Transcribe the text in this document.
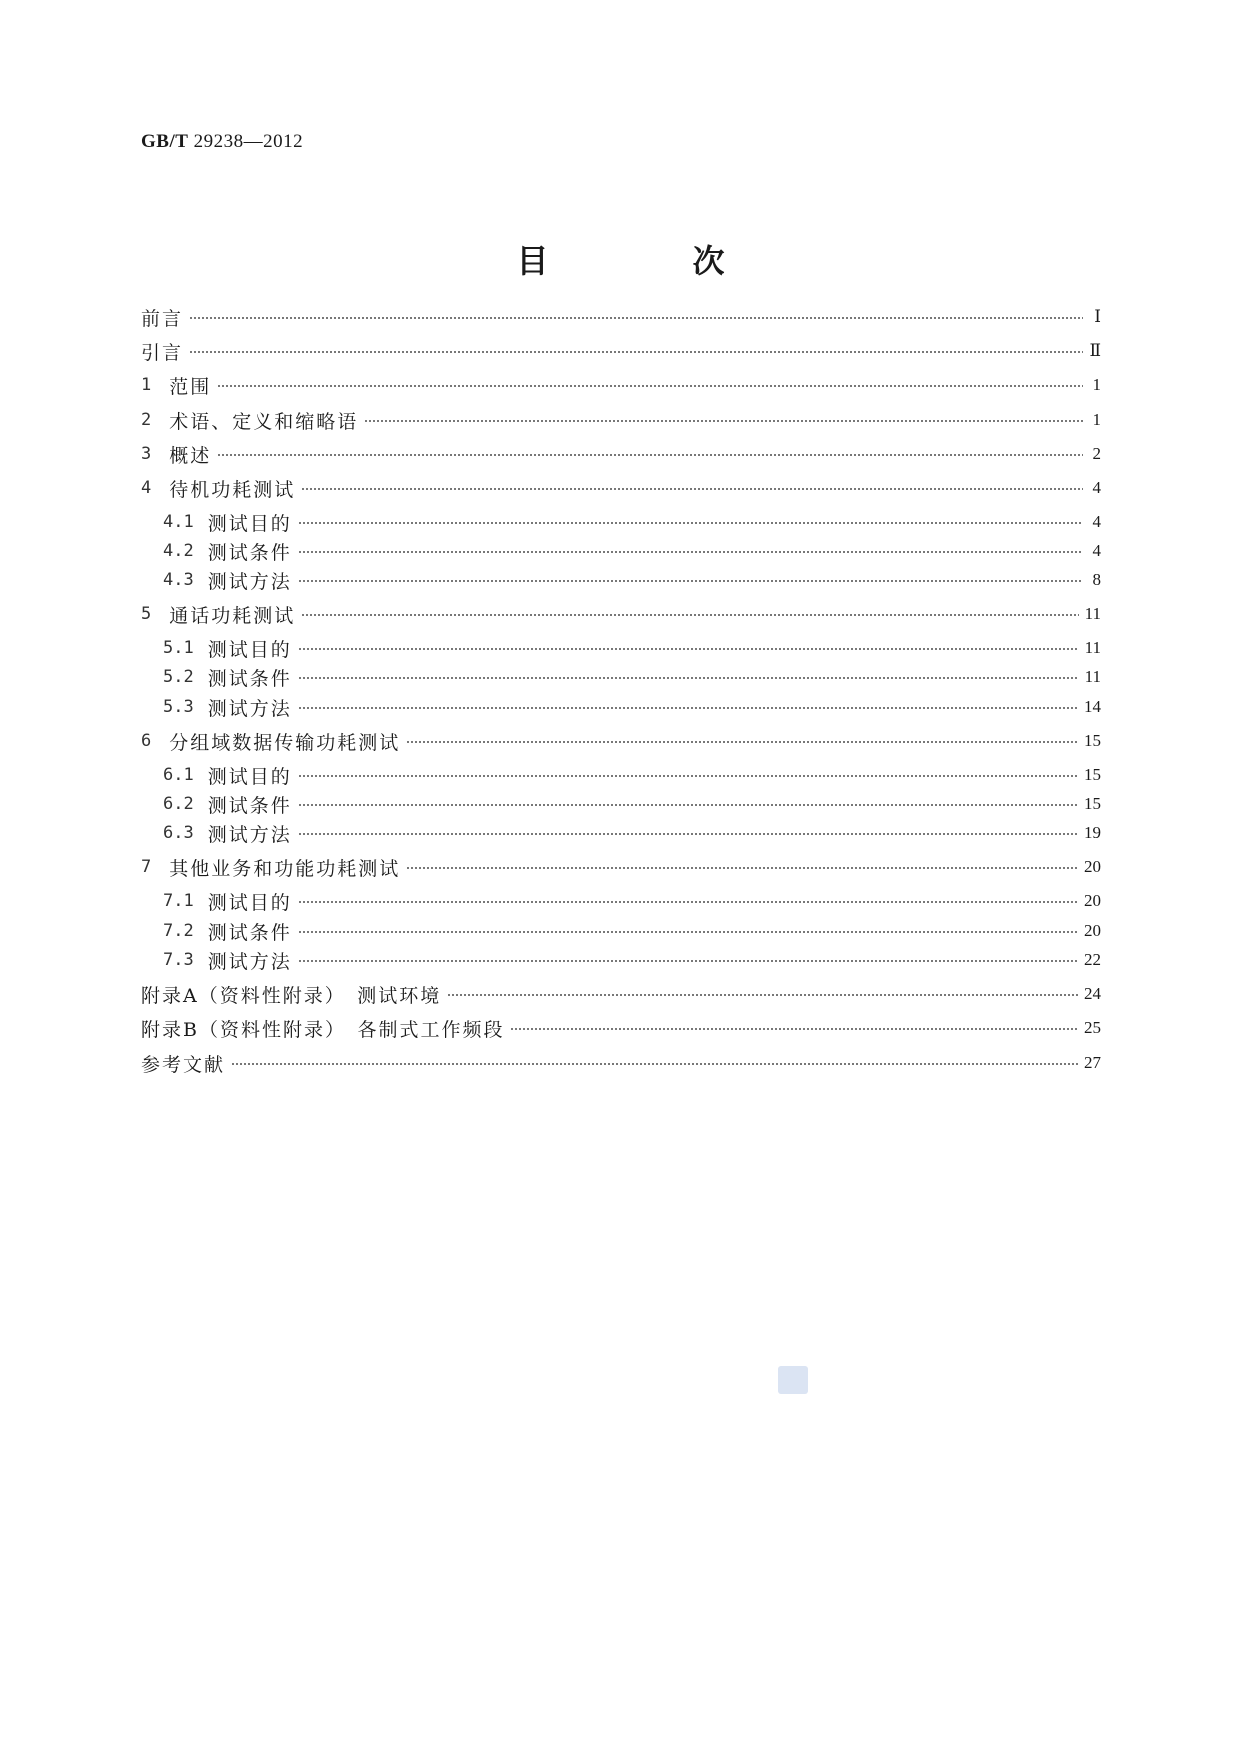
GB/T 29238—2012
目　次
前言	Ⅰ
引言	Ⅱ
1 范围	1
2 术语、定义和缩略语	1
3 概述	2
4 待机功耗测试	4
4.1 测试目的	4
4.2 测试条件	4
4.3 测试方法	8
5 通话功耗测试	11
5.1 测试目的	11
5.2 测试条件	11
5.3 测试方法	14
6 分组域数据传输功耗测试	15
6.1 测试目的	15
6.2 测试条件	15
6.3 测试方法	19
7 其他业务和功能功耗测试	20
7.1 测试目的	20
7.2 测试条件	20
7.3 测试方法	22
附录A（资料性附录）　测试环境	24
附录B（资料性附录）　各制式工作频段	25
参考文献	27
